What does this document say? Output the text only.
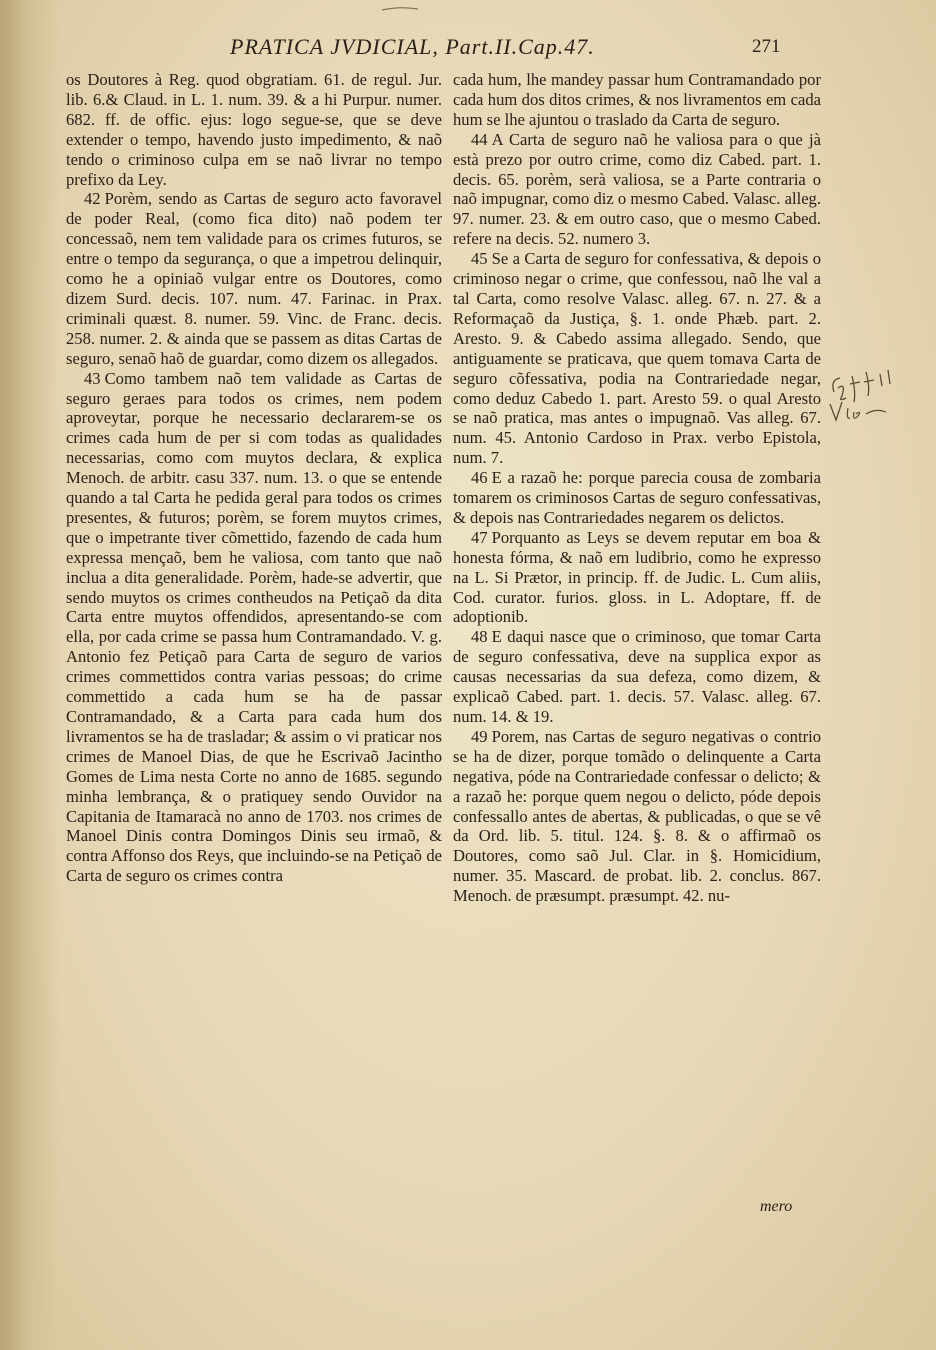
PRATICA JVDICIAL, Part.II.Cap.47.	271

os Doutores à Reg. quod obgratiam. 61. de regul. Jur. lib. 6.& Claud. in L. 1. num. 39. & a hi Purpur. numer. 682. ff. de offic. ejus: logo segue-se, que se deve extender o tempo, havendo justo impedimento, & naõ tendo o criminoso culpa em se naõ livrar no tempo prefixo da Ley.

42 Porèm, sendo as Cartas de seguro acto favoravel de poder Real, (como fica dito) naõ podem ter concessaõ, nem tem validade para os crimes futuros, se entre o tempo da segurança, o que a impetrou delinquir, como he a opiniaõ vulgar entre os Doutores, como dizem Surd. decis. 107. num. 47. Farinac. in Prax. criminali quæst. 8. numer. 59. Vinc. de Franc. decis. 258. numer. 2. & ainda que se passem as ditas Cartas de seguro, senaõ haõ de guardar, como dizem os allegados.

43 Como tambem naõ tem validade as Cartas de seguro geraes para todos os crimes, nem podem aproveytar, porque he necessario declararem-se os crimes cada hum de per si com todas as qualidades necessarias, como com muytos declara, & explica Menoch. de arbitr. casu 337. num. 13. o que se entende quando a tal Carta he pedida geral para todos os crimes presentes, & futuros; porèm, se forem muytos crimes, que o impetrante tiver cõmettido, fazendo de cada hum expressa mençaõ, bem he valiosa, com tanto que naõ inclua a dita generalidade. Porèm, hade-se advertir, que sendo muytos os crimes contheudos na Petiçaõ da dita Carta entre muytos offendidos, apresentando-se com ella, por cada crime se passa hum Contramandado. V. g. Antonio fez Petiçaõ para Carta de seguro de varios crimes commettidos contra varias pessoas; do crime commettido a cada hum se ha de passar Contramandado, & a Carta para cada hum dos livramentos se ha de trasladar; & assim o vi praticar nos crimes de Manoel Dias, de que he Escrivaõ Jacintho Gomes de Lima nesta Corte no anno de 1685. segundo minha lembrança, & o pratiquey sendo Ouvidor na Capitania de Itamaracà no anno de 1703. nos crimes de Manoel Dinis contra Domingos Dinis seu irmaõ, & contra Affonso dos Reys, que incluindo-se na Petiçaõ de Carta de seguro os crimes contra

cada hum, lhe mandey passar hum Contramandado por cada hum dos ditos crimes, & nos livramentos em cada hum se lhe ajuntou o traslado da Carta de seguro.

44 A Carta de seguro naõ he valiosa para o que jà està prezo por outro crime, como diz Cabed. part. 1. decis. 65. porèm, serà valiosa, se a Parte contraria o naõ impugnar, como diz o mesmo Cabed. Valasc. alleg. 97. numer. 23. & em outro caso, que o mesmo Cabed. refere na decis. 52. numero 3.

45 Se a Carta de seguro for confessativa, & depois o criminoso negar o crime, que confessou, naõ lhe val a tal Carta, como resolve Valasc. alleg. 67. n. 27. & a Reformaçaõ da Justiça, §. 1. onde Phæb. part. 2. Aresto. 9. & Cabedo assima allegado. Sendo, que antiguamente se praticava, que quem tomava Carta de seguro cõfessativa, podia na Contrariedade negar, como deduz Cabedo 1. part. Aresto 59. o qual Aresto se naõ pratica, mas antes o impugnaõ. Vas alleg. 67. num. 45. Antonio Cardoso in Prax. verbo Epistola, num. 7.

46 E a razaõ he: porque parecia cousa de zombaria tomarem os criminosos Cartas de seguro confessativas, & depois nas Contrariedades negarem os delictos.

47 Porquanto as Leys se devem reputar em boa & honesta fórma, & naõ em ludibrio, como he expresso na L. Si Prætor, in princip. ff. de Judic. L. Cum aliis, Cod. curator. furios. gloss. in L. Adoptare, ff. de adoptionib.

48 E daqui nasce que o criminoso, que tomar Carta de seguro confessativa, deve na supplica expor as causas necessarias da sua defeza, como dizem, & explicaõ Cabed. part. 1. decis. 57. Valasc. alleg. 67. num. 14. & 19.

49 Porem, nas Cartas de seguro negativas o contrio se ha de dizer, porque tomãdo o delinquente a Carta negativa, póde na Contrariedade confessar o delicto; & a razaõ he: porque quem negou o delicto, póde depois confessallo antes de abertas, & publicadas, o que se vê da Ord. lib. 5. titul. 124. §. 8. & o affirmaõ os Doutores, como saõ Jul. Clar. in §. Homicidium, numer. 35. Mascard. de probat. lib. 2. conclus. 867. Menoch. de præsumpt. præsumpt. 42. nu-

mero
